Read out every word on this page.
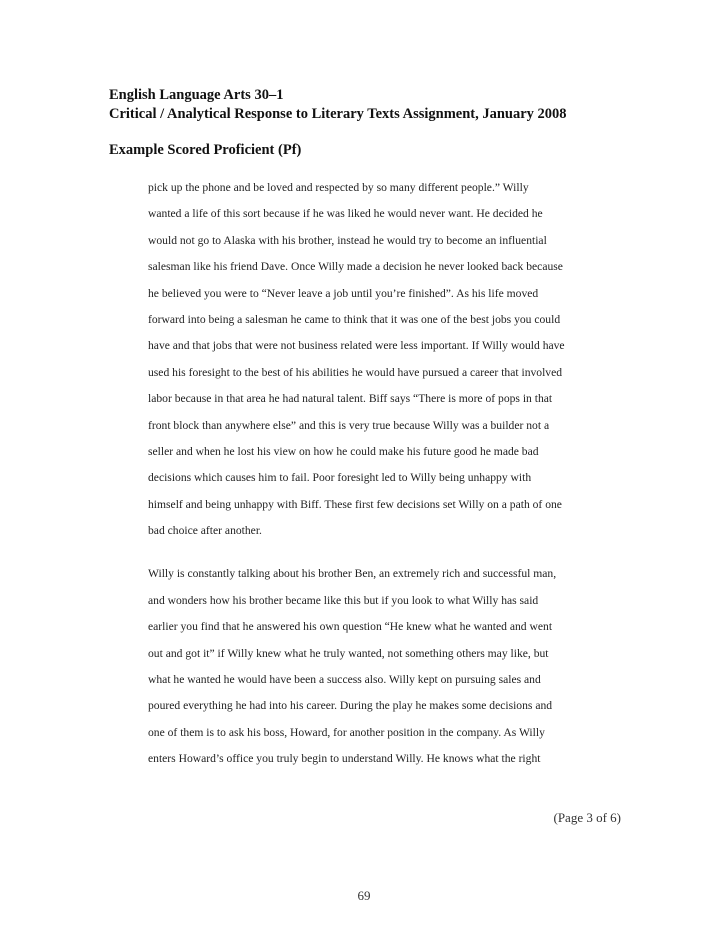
English Language Arts 30–1
Critical / Analytical Response to Literary Texts Assignment, January 2008
Example Scored Proficient (Pf)
pick up the phone and be loved and respected by so many different people.” Willy
wanted a life of this sort because if he was liked he would never want. He decided he
would not go to Alaska with his brother, instead he would try to become an influential
salesman like his friend Dave. Once Willy made a decision he never looked back because
he believed you were to “Never leave a job until you’re finished”. As his life moved
forward into being a salesman he came to think that it was one of the best jobs you could
have and that jobs that were not business related were less important. If Willy would have
used his foresight to the best of his abilities he would have pursued a career that involved
labor because in that area he had natural talent. Biff says “There is more of pops in that
front block than anywhere else” and this is very true because Willy was a builder not a
seller and when he lost his view on how he could make his future good he made bad
decisions which causes him to fail. Poor foresight led to Willy being unhappy with
himself and being unhappy with Biff. These first few decisions set Willy on a path of one
bad choice after another.
Willy is constantly talking about his brother Ben, an extremely rich and successful man,
and wonders how his brother became like this but if you look to what Willy has said
earlier you find that he answered his own question “He knew what he wanted and went
out and got it” if Willy knew what he truly wanted, not something others may like, but
what he wanted he would have been a success also. Willy kept on pursuing sales and
poured everything he had into his career. During the play he makes some decisions and
one of them is to ask his boss, Howard, for another position in the company. As Willy
enters Howard’s office you truly begin to understand Willy. He knows what the right
(Page 3 of 6)
69
